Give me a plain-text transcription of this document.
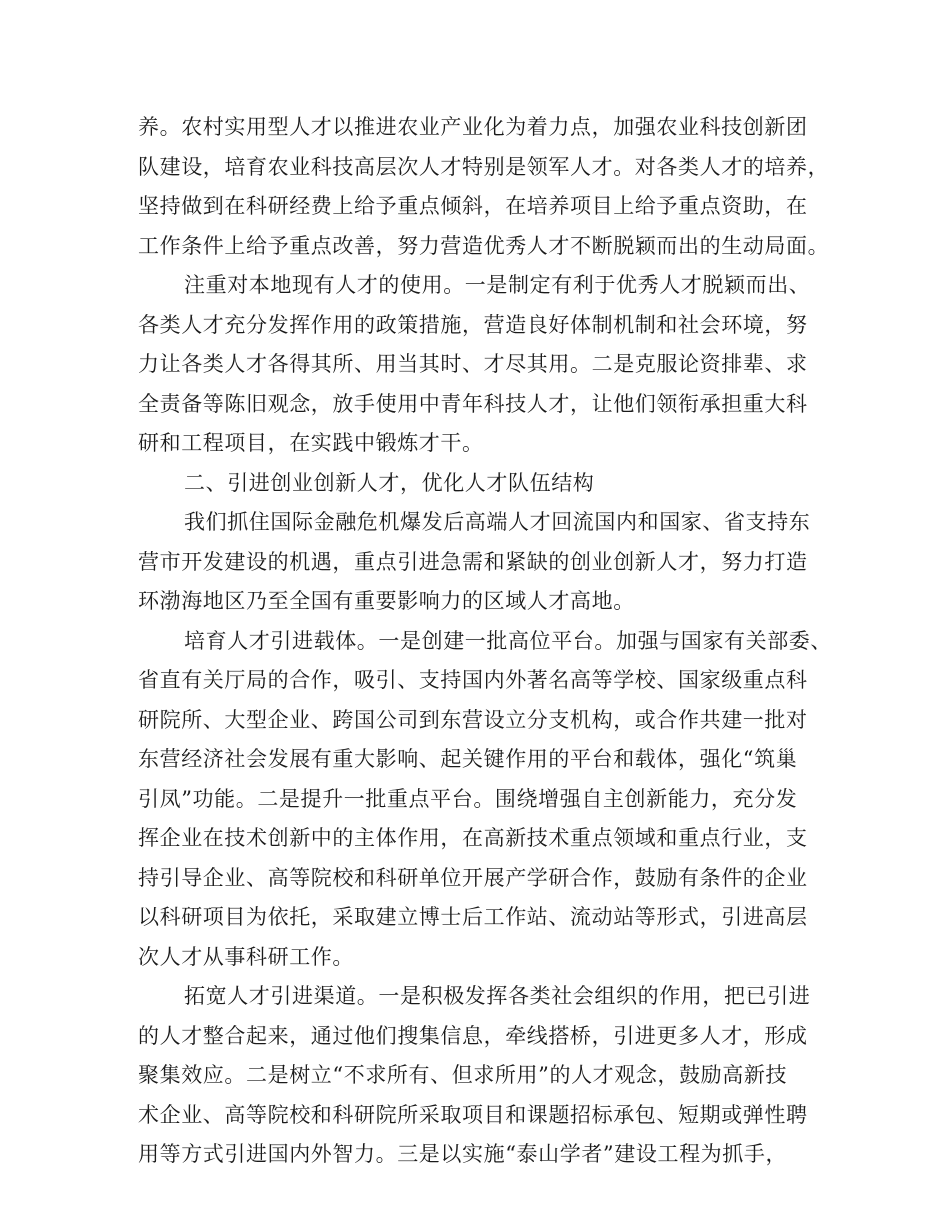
养。农村实用型人才以推进农业产业化为着力点，加强农业科技创新团
队建设，培育农业科技高层次人才特别是领军人才。对各类人才的培养，
坚持做到在科研经费上给予重点倾斜，在培养项目上给予重点资助，在
工作条件上给予重点改善，努力营造优秀人才不断脱颖而出的生动局面。
注重对本地现有人才的使用。一是制定有利于优秀人才脱颖而出、
各类人才充分发挥作用的政策措施，营造良好体制机制和社会环境，努
力让各类人才各得其所、用当其时、才尽其用。二是克服论资排辈、求
全责备等陈旧观念，放手使用中青年科技人才，让他们领衔承担重大科
研和工程项目，在实践中锻炼才干。
二、引进创业创新人才，优化人才队伍结构
我们抓住国际金融危机爆发后高端人才回流国内和国家、省支持东
营市开发建设的机遇，重点引进急需和紧缺的创业创新人才，努力打造
环渤海地区乃至全国有重要影响力的区域人才高地。
培育人才引进载体。一是创建一批高位平台。加强与国家有关部委、
省直有关厅局的合作，吸引、支持国内外著名高等学校、国家级重点科
研院所、大型企业、跨国公司到东营设立分支机构，或合作共建一批对
东营经济社会发展有重大影响、起关键作用的平台和载体，强化“筑巢
引凤”功能。二是提升一批重点平台。围绕增强自主创新能力，充分发
挥企业在技术创新中的主体作用，在高新技术重点领域和重点行业，支
持引导企业、高等院校和科研单位开展产学研合作，鼓励有条件的企业
以科研项目为依托，采取建立博士后工作站、流动站等形式，引进高层
次人才从事科研工作。
拓宽人才引进渠道。一是积极发挥各类社会组织的作用，把已引进
的人才整合起来，通过他们搜集信息，牵线搭桥，引进更多人才，形成
聚集效应。二是树立“不求所有、但求所用”的人才观念，鼓励高新技
术企业、高等院校和科研院所采取项目和课题招标承包、短期或弹性聘
用等方式引进国内外智力。三是以实施“泰山学者”建设工程为抓手，
